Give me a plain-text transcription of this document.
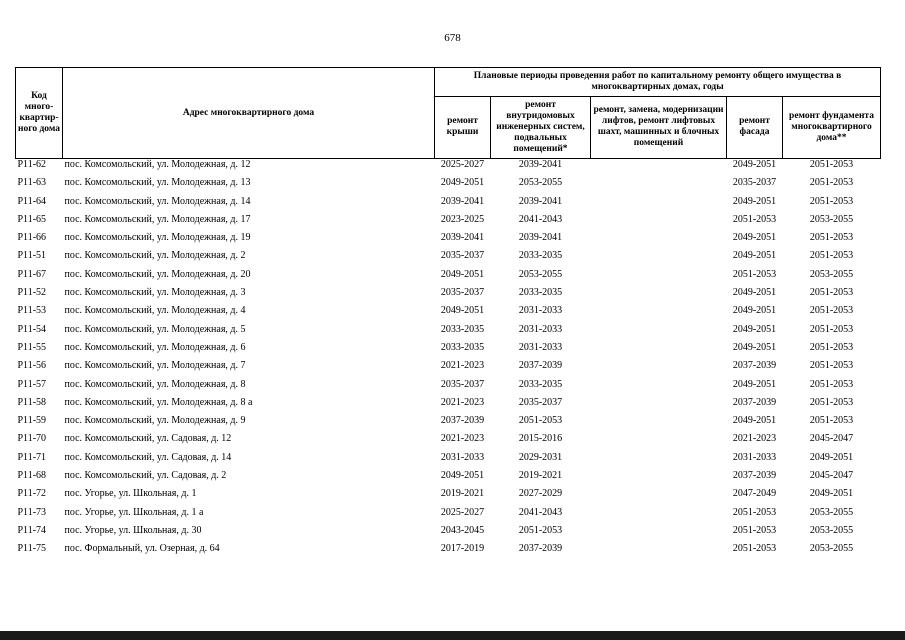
678
Код много-квартир-ного дома	Адрес многоквартирного дома	Плановые периоды проведения работ по капитальному ремонту общего имущества в многоквартирных домах, годы				
		ремонт крыши	ремонт внутридомовых инженерных систем, подвальных помещений*	ремонт, замена, модернизации лифтов, ремонт лифтовых шахт, машинных и блочных помещений	ремонт фасада	ремонт фундамента многоквартирного дома**
P11-62	пос. Комсомольский, ул. Молодежная, д. 12	2025-2027	2039-2041		2049-2051	2051-2053
P11-63	пос. Комсомольский, ул. Молодежная, д. 13	2049-2051	2053-2055		2035-2037	2051-2053
P11-64	пос. Комсомольский, ул. Молодежная, д. 14	2039-2041	2039-2041		2049-2051	2051-2053
P11-65	пос. Комсомольский, ул. Молодежная, д. 17	2023-2025	2041-2043		2051-2053	2053-2055
P11-66	пос. Комсомольский, ул. Молодежная, д. 19	2039-2041	2039-2041		2049-2051	2051-2053
P11-51	пос. Комсомольский, ул. Молодежная, д. 2	2035-2037	2033-2035		2049-2051	2051-2053
P11-67	пос. Комсомольский, ул. Молодежная, д. 20	2049-2051	2053-2055		2051-2053	2053-2055
P11-52	пос. Комсомольский, ул. Молодежная, д. 3	2035-2037	2033-2035		2049-2051	2051-2053
P11-53	пос. Комсомольский, ул. Молодежная, д. 4	2049-2051	2031-2033		2049-2051	2051-2053
P11-54	пос. Комсомольский, ул. Молодежная, д. 5	2033-2035	2031-2033		2049-2051	2051-2053
P11-55	пос. Комсомольский, ул. Молодежная, д. 6	2033-2035	2031-2033		2049-2051	2051-2053
P11-56	пос. Комсомольский, ул. Молодежная, д. 7	2021-2023	2037-2039		2037-2039	2051-2053
P11-57	пос. Комсомольский, ул. Молодежная, д. 8	2035-2037	2033-2035		2049-2051	2051-2053
P11-58	пос. Комсомольский, ул. Молодежная, д. 8 а	2021-2023	2035-2037		2037-2039	2051-2053
P11-59	пос. Комсомольский, ул. Молодежная, д. 9	2037-2039	2051-2053		2049-2051	2051-2053
P11-70	пос. Комсомольский, ул. Садовая, д. 12	2021-2023	2015-2016		2021-2023	2045-2047
P11-71	пос. Комсомольский, ул. Садовая, д. 14	2031-2033	2029-2031		2031-2033	2049-2051
P11-68	пос. Комсомольский, ул. Садовая, д. 2	2049-2051	2019-2021		2037-2039	2045-2047
P11-72	пос. Угорье, ул. Школьная, д. 1	2019-2021	2027-2029		2047-2049	2049-2051
P11-73	пос. Угорье, ул. Школьная, д. 1 а	2025-2027	2041-2043		2051-2053	2053-2055
P11-74	пос. Угорье, ул. Школьная, д. 30	2043-2045	2051-2053		2051-2053	2053-2055
P11-75	пос. Формальный, ул. Озерная, д. 64	2017-2019	2037-2039		2051-2053	2053-2055
